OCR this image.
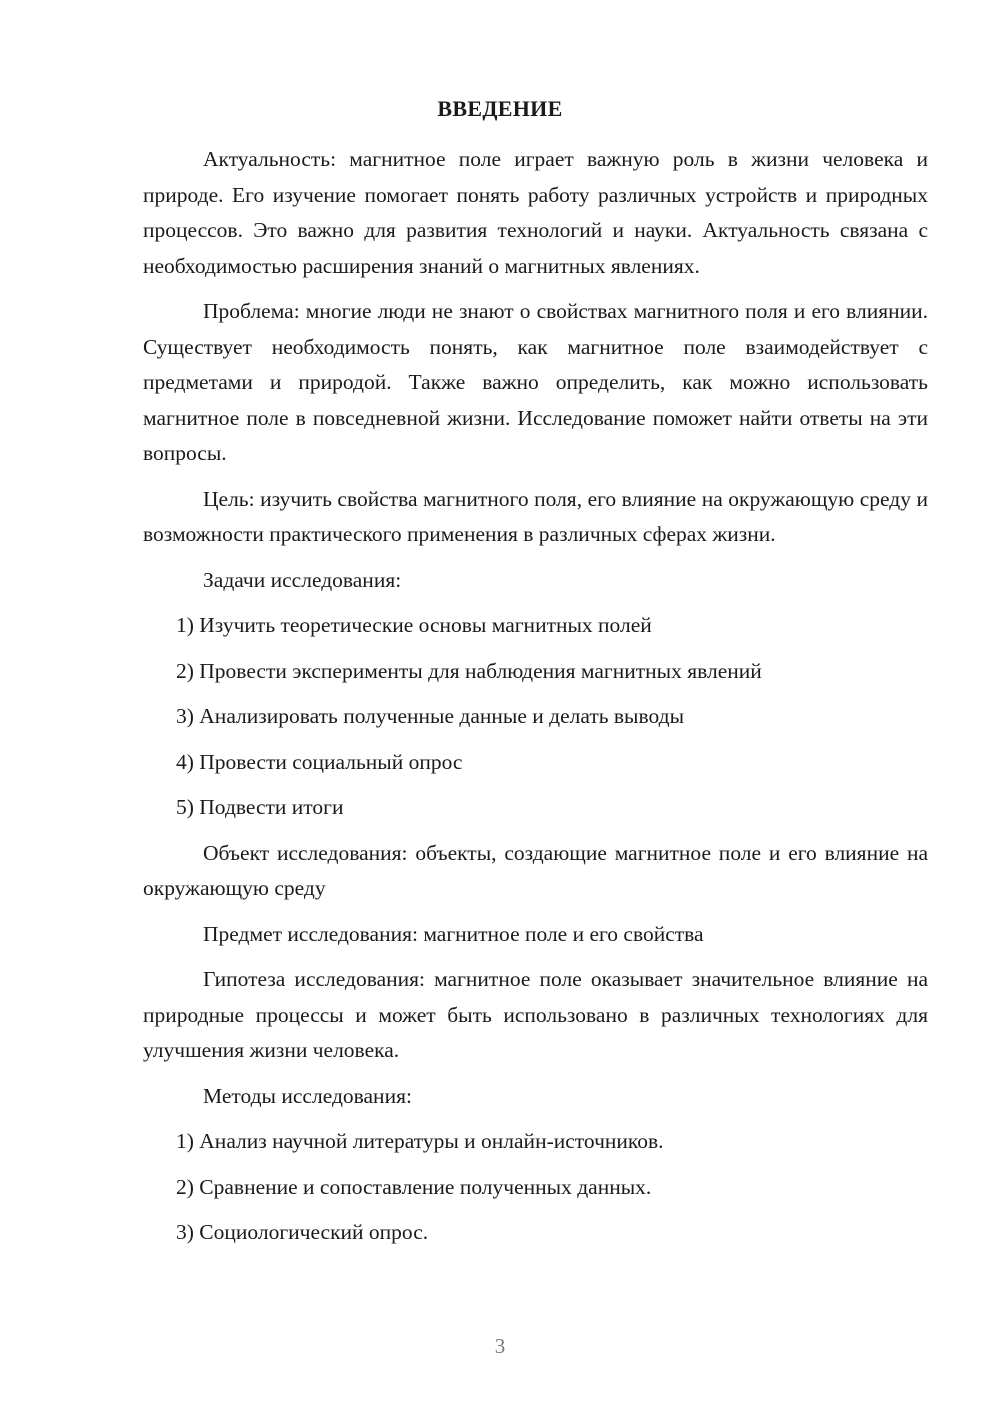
ВВЕДЕНИЕ

Актуальность: магнитное поле играет важную роль в жизни человека и природе. Его изучение помогает понять работу различных устройств и природных процессов. Это важно для развития технологий и науки. Актуальность связана с необходимостью расширения знаний о магнитных явлениях.

Проблема: многие люди не знают о свойствах магнитного поля и его влиянии. Существует необходимость понять, как магнитное поле взаимодействует с предметами и природой. Также важно определить, как можно использовать магнитное поле в повседневной жизни. Исследование поможет найти ответы на эти вопросы.

Цель: изучить свойства магнитного поля, его влияние на окружающую среду и возможности практического применения в различных сферах жизни.

Задачи исследования:

1) Изучить теоретические основы магнитных полей
2) Провести эксперименты для наблюдения магнитных явлений
3) Анализировать полученные данные и делать выводы
4) Провести социальный опрос
5) Подвести итоги

Объект исследования: объекты, создающие магнитное поле и его влияние на окружающую среду

Предмет исследования: магнитное поле и его свойства

Гипотеза исследования: магнитное поле оказывает значительное влияние на природные процессы и может быть использовано в различных технологиях для улучшения жизни человека.

Методы исследования:

1) Анализ научной литературы и онлайн-источников.
2) Сравнение и сопоставление полученных данных.
3) Социологический опрос.
3
